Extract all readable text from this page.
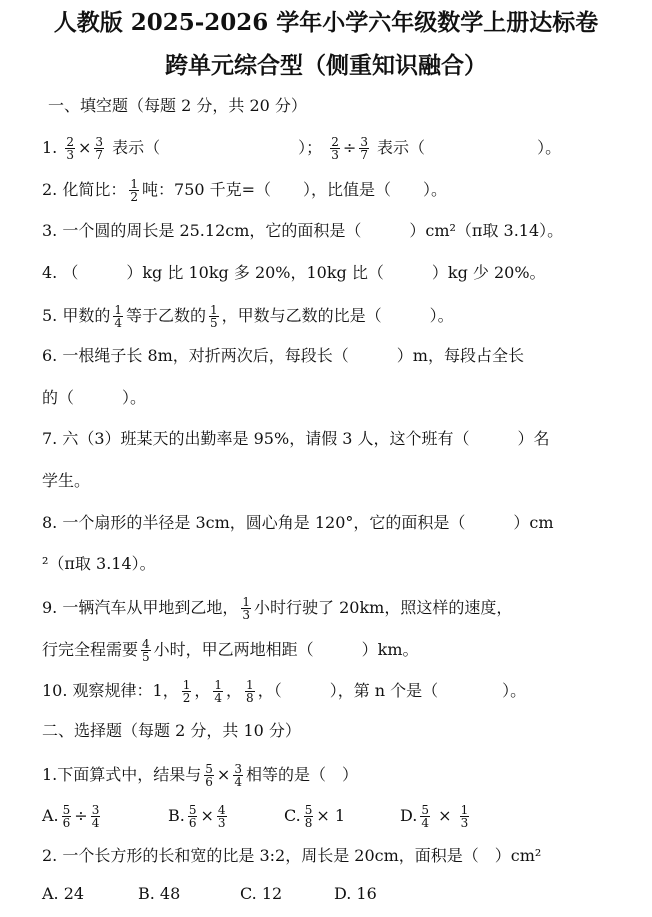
人教版 2025-2026 学年小学六年级数学上册达标卷
跨单元综合型（侧重知识融合）
一、填空题（每题 2 分，共 20 分）
1. $\frac{2}{3} \times \frac{3}{7}$ 表示（	）； $\frac{2}{3} \div \frac{3}{7}$ 表示（	）。
2. 化简比： $\frac{1}{2}$ 吨：750 千克=（　　），比值是（　　）。
3. 一个圆的周长是 25.12cm，它的面积是（　　　）cm²（π取 3.14）。
4. （　　　）kg 比 10kg 多 20%，10kg 比（　　　）kg 少 20%。
5. 甲数的 $\frac{1}{4}$ 等于乙数的 $\frac{1}{5}$ ，甲数与乙数的比是（　　　）。
6. 一根绳子长 8m，对折两次后，每段长（　　　）m，每段占全长
的（　　　）。
7. 六（3）班某天的出勤率是 95%，请假 3 人，这个班有（　　　）名
学生。
8. 一个扇形的半径是 3cm，圆心角是 120°，它的面积是（　　　）cm
²（π取 3.14）。
9. 一辆汽车从甲地到乙地， $\frac{1}{3}$ 小时行驶了 20km，照这样的速度，
行完全程需要 $\frac{4}{5}$ 小时，甲乙两地相距（　　　）km。
10. 观察规律：1， $\frac{1}{2}$ ， $\frac{1}{4}$ ， $\frac{1}{8}$ ，（　　　），第 n 个是（　　　　）。
二、选择题（每题 2 分，共 10 分）
1.下面算式中，结果与 $\frac{5}{6} \times \frac{3}{4}$ 相等的是（　）
A. $\frac{5}{6} \div \frac{3}{4}$	B. $\frac{5}{6} \times \frac{4}{3}$	C. $\frac{5}{8} \times 1$	D. $\frac{5}{4} \times \frac{1}{3}$
2. 一个长方形的长和宽的比是 3:2，周长是 20cm，面积是（　）cm²
A. 24	B. 48	C. 12	D. 16
